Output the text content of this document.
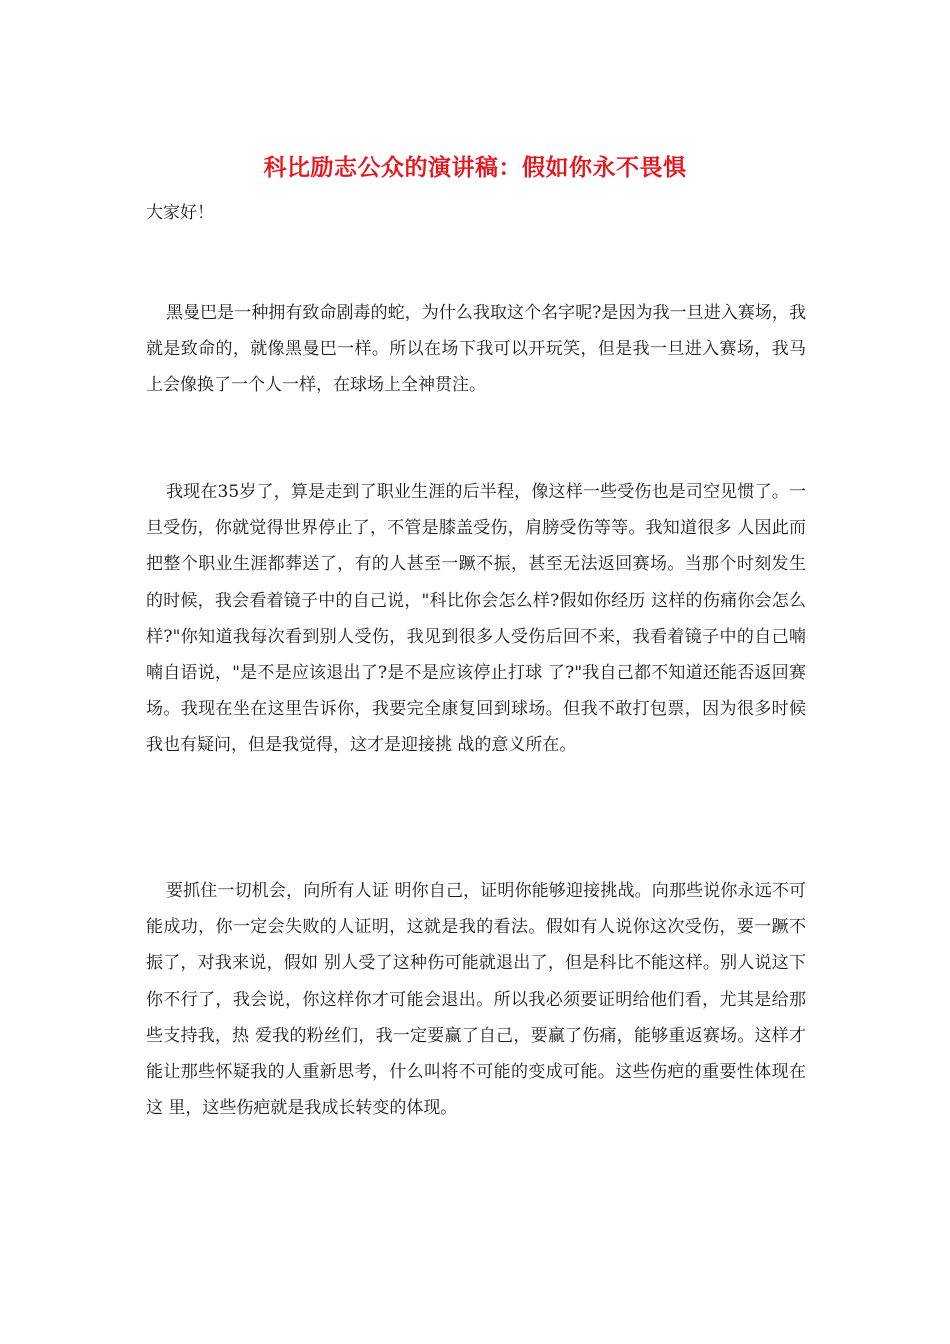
科比励志公众的演讲稿：假如你永不畏惧
大家好！

黑曼巴是一种拥有致命剧毒的蛇，为什么我取这个名字呢?是因为我一旦进入赛场，我就是致命的，就像黑曼巴一样。所以在场下我可以开玩笑，但是我一旦进入赛场，我马上会像换了一个人一样，在球场上全神贯注。

我现在35岁了，算是走到了职业生涯的后半程，像这样一些受伤也是司空见惯了。一旦受伤，你就觉得世界停止了，不管是膝盖受伤，肩膀受伤等等。我知道很多 人因此而把整个职业生涯都葬送了，有的人甚至一蹶不振，甚至无法返回赛场。当那个时刻发生的时候，我会看着镜子中的自己说，"科比你会怎么样?假如你经历 这样的伤痛你会怎么样?"你知道我每次看到别人受伤，我见到很多人受伤后回不来，我看着镜子中的自己喃喃自语说，"是不是应该退出了?是不是应该停止打球 了?"我自己都不知道还能否返回赛场。我现在坐在这里告诉你，我要完全康复回到球场。但我不敢打包票，因为很多时候我也有疑问，但是我觉得，这才是迎接挑 战的意义所在。

要抓住一切机会，向所有人证 明你自己，证明你能够迎接挑战。向那些说你永远不可能成功，你一定会失败的人证明，这就是我的看法。假如有人说你这次受伤，要一蹶不振了，对我来说，假如 别人受了这种伤可能就退出了，但是科比不能这样。别人说这下你不行了，我会说，你这样你才可能会退出。所以我必须要证明给他们看，尤其是给那些支持我，热 爱我的粉丝们，我一定要赢了自己，要赢了伤痛，能够重返赛场。这样才能让那些怀疑我的人重新思考，什么叫将不可能的变成可能。这些伤疤的重要性体现在这 里，这些伤疤就是我成长转变的体现。
